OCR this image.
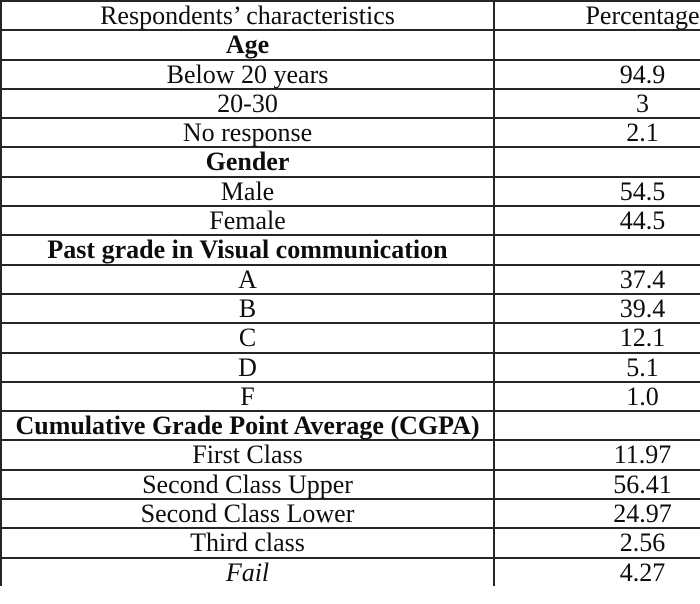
Respondents’ characteristics	Percentage
Age	
Below 20 years	94.9
20-30	3
No response	2.1
Gender	
Male	54.5
Female	44.5
Past grade in Visual communication	
A	37.4
B	39.4
C	12.1
D	5.1
F	1.0
Cumulative Grade Point Average (CGPA)	
First Class	11.97
Second Class Upper	56.41
Second Class Lower	24.97
Third class	2.56
Fail	4.27
